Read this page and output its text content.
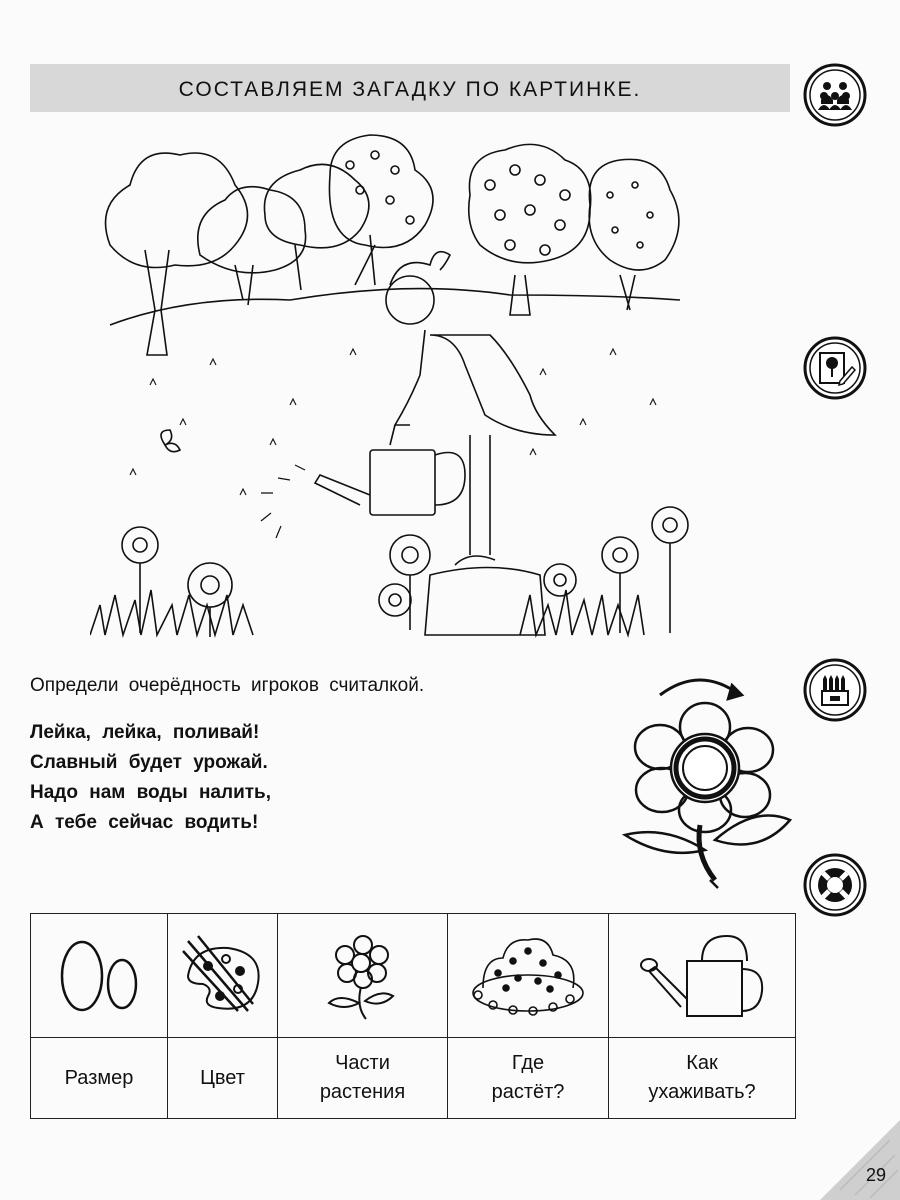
СОСТАВЛЯЕМ ЗАГАДКУ ПО КАРТИНКЕ.
Определи очерёдность игроков считалкой.
Лейка, лейка, поливай!
Славный будет урожай.
Надо нам воды налить,
А тебе сейчас водить!
Размер	Цвет
Части
растения
Где
растёт?
Как
ухаживать?
29
